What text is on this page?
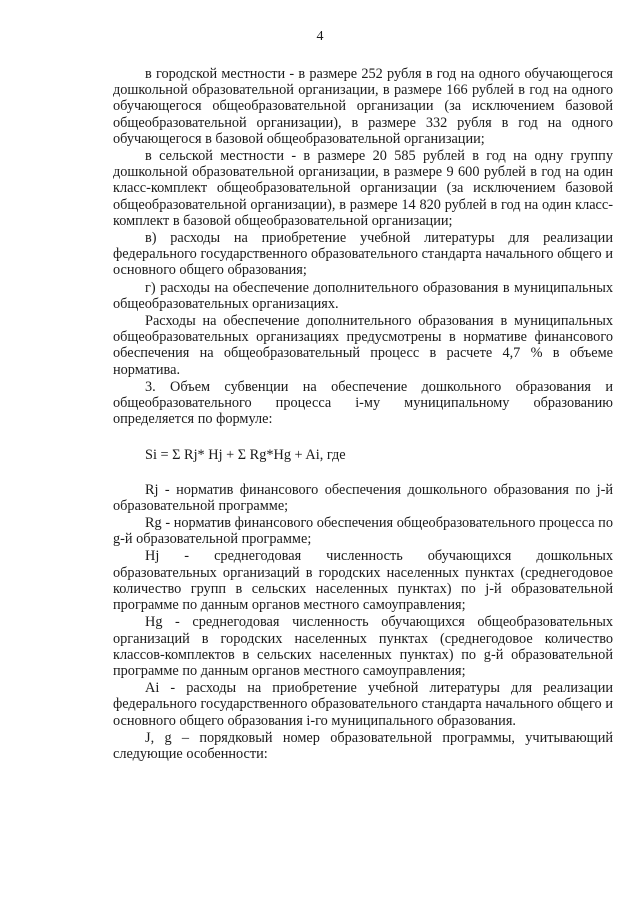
4

в городской местности - в размере 252 рубля в год на одного обучающегося дошкольной образовательной организации, в размере 166 рублей в год на одного обучающегося общеобразовательной организации (за исключением базовой общеобразовательной организации), в размере 332 рубля в год на одного обучающегося в базовой общеобразовательной организации;

в сельской местности - в размере 20 585 рублей в год на одну группу дошкольной образовательной организации, в размере 9 600 рублей в год на один класс-комплект общеобразовательной организации (за исключением базовой общеобразовательной организации), в размере 14 820 рублей в год на один класс-комплект в базовой общеобразовательной организации;

в) расходы на приобретение учебной литературы для реализации федерального государственного образовательного стандарта начального общего и основного общего образования;

г) расходы на обеспечение дополнительного образования в муниципальных общеобразовательных организациях.

Расходы на обеспечение дополнительного образования в муниципальных общеобразовательных организациях предусмотрены в нормативе финансового обеспечения на общеобразовательный процесс в расчете 4,7 % в объеме норматива.

3. Объем субвенции на обеспечение дошкольного образования и общеобразовательного процесса i-му муниципальному образованию определяется по формуле:

Si = Σ Rj* Hj + Σ Rg*Hg + Ai, где

Rj - норматив финансового обеспечения дошкольного образования по j-й образовательной программе;

Rg - норматив финансового обеспечения общеобразовательного процесса по g-й образовательной программе;

Hj - среднегодовая численность обучающихся дошкольных образовательных организаций в городских населенных пунктах (среднегодовое количество групп в сельских населенных пунктах) по j-й образовательной программе по данным органов местного самоуправления;

Hg - среднегодовая численность обучающихся общеобразовательных организаций в городских населенных пунктах (среднегодовое количество классов-комплектов в сельских населенных пунктах) по g-й образовательной программе по данным органов местного самоуправления;

Ai - расходы на приобретение учебной литературы для реализации федерального государственного образовательного стандарта начального общего и основного общего образования i-го муниципального образования.

J, g – порядковый номер образовательной программы, учитывающий следующие особенности:
